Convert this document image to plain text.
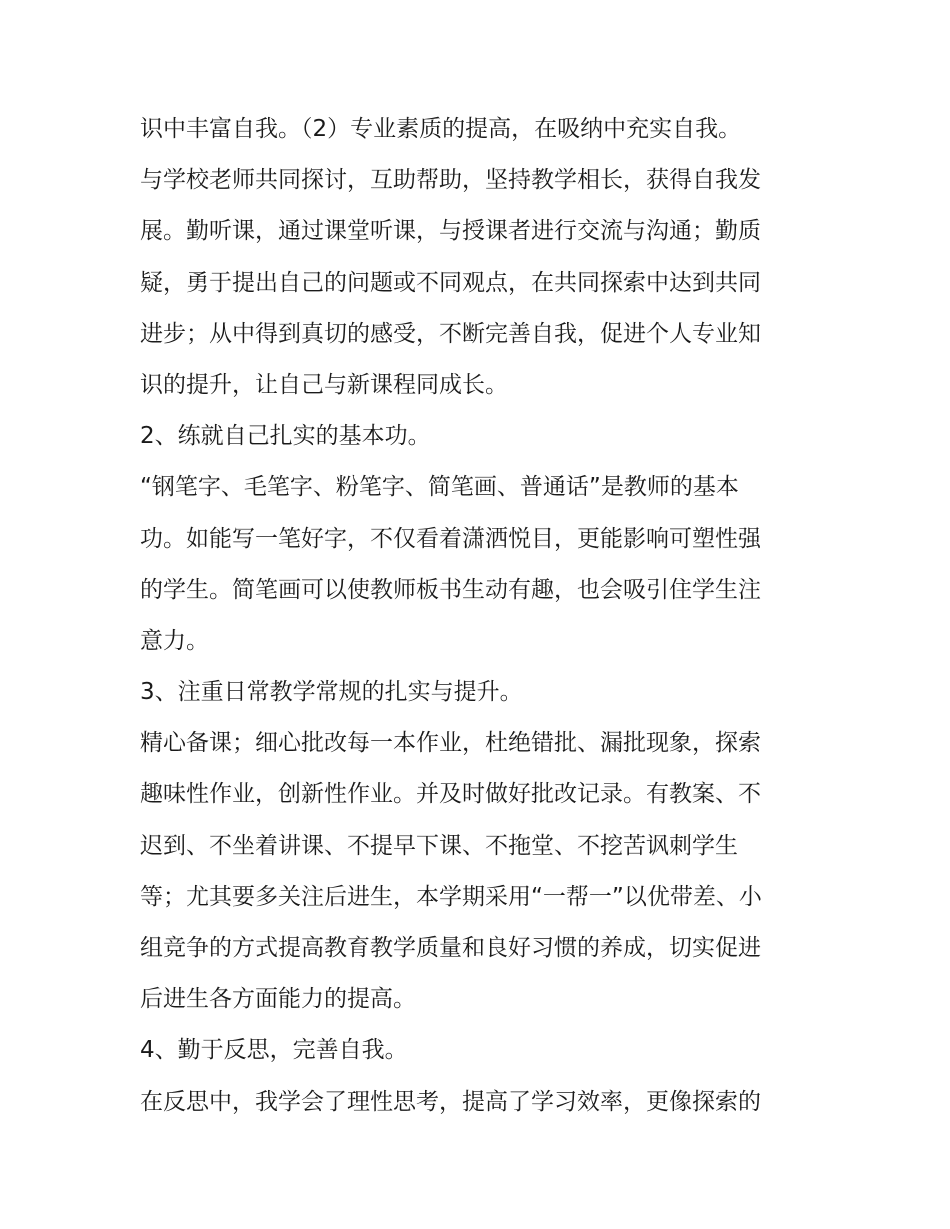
识中丰富自我。（2）专业素质的提高，在吸纳中充实自我。
与学校老师共同探讨，互助帮助，坚持教学相长，获得自我发
展。勤听课，通过课堂听课，与授课者进行交流与沟通；勤质
疑，勇于提出自己的问题或不同观点，在共同探索中达到共同
进步；从中得到真切的感受，不断完善自我，促进个人专业知
识的提升，让自己与新课程同成长。
2、练就自己扎实的基本功。
“钢笔字、毛笔字、粉笔字、简笔画、普通话”是教师的基本
功。如能写一笔好字，不仅看着潇洒悦目，更能影响可塑性强
的学生。简笔画可以使教师板书生动有趣，也会吸引住学生注
意力。
3、注重日常教学常规的扎实与提升。
精心备课；细心批改每一本作业，杜绝错批、漏批现象，探索
趣味性作业，创新性作业。并及时做好批改记录。有教案、不
迟到、不坐着讲课、不提早下课、不拖堂、不挖苦讽刺学生
等；尤其要多关注后进生，本学期采用“一帮一”以优带差、小
组竞争的方式提高教育教学质量和良好习惯的养成，切实促进
后进生各方面能力的提高。
4、勤于反思，完善自我。
在反思中，我学会了理性思考，提高了学习效率，更像探索的
